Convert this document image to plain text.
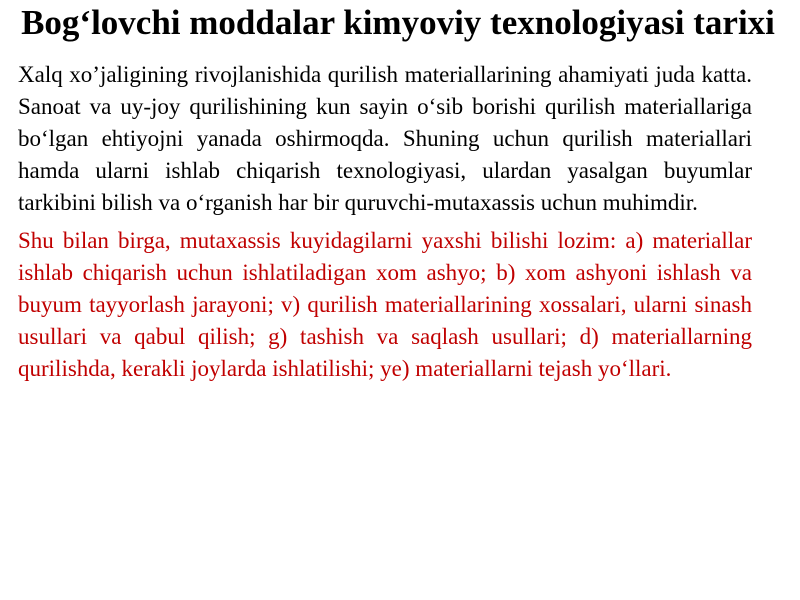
Bog‘lovchi moddalar kimyoviy texnologiyasi tarixi

Xalq xo’jaligining rivojlanishida qurilish materiallarining ahamiyati juda katta. Sanoat va uy-joy qurilishining kun sayin o‘sib borishi qurilish materiallariga bo‘lgan ehtiyojni yanada oshirmoqda. Shuning uchun qurilish materiallari hamda ularni ishlab chiqarish texnologiyasi, ulardan yasalgan buyumlar tarkibini bilish va o‘rganish har bir quruvchi-mutaxassis uchun muhimdir.

Shu bilan birga, mutaxassis kuyidagilarni yaxshi bilishi lozim: a) materiallar ishlab chiqarish uchun ishlatiladigan xom ashyo; b) xom ashyoni ishlash va buyum tayyorlash jarayoni; v) qurilish materiallarining xossalari, ularni sinash usullari va qabul qilish; g) tashish va saqlash usullari; d) materiallarning qurilishda, kerakli joylarda ishlatilishi; ye) materiallarni tejash yo‘llari.
